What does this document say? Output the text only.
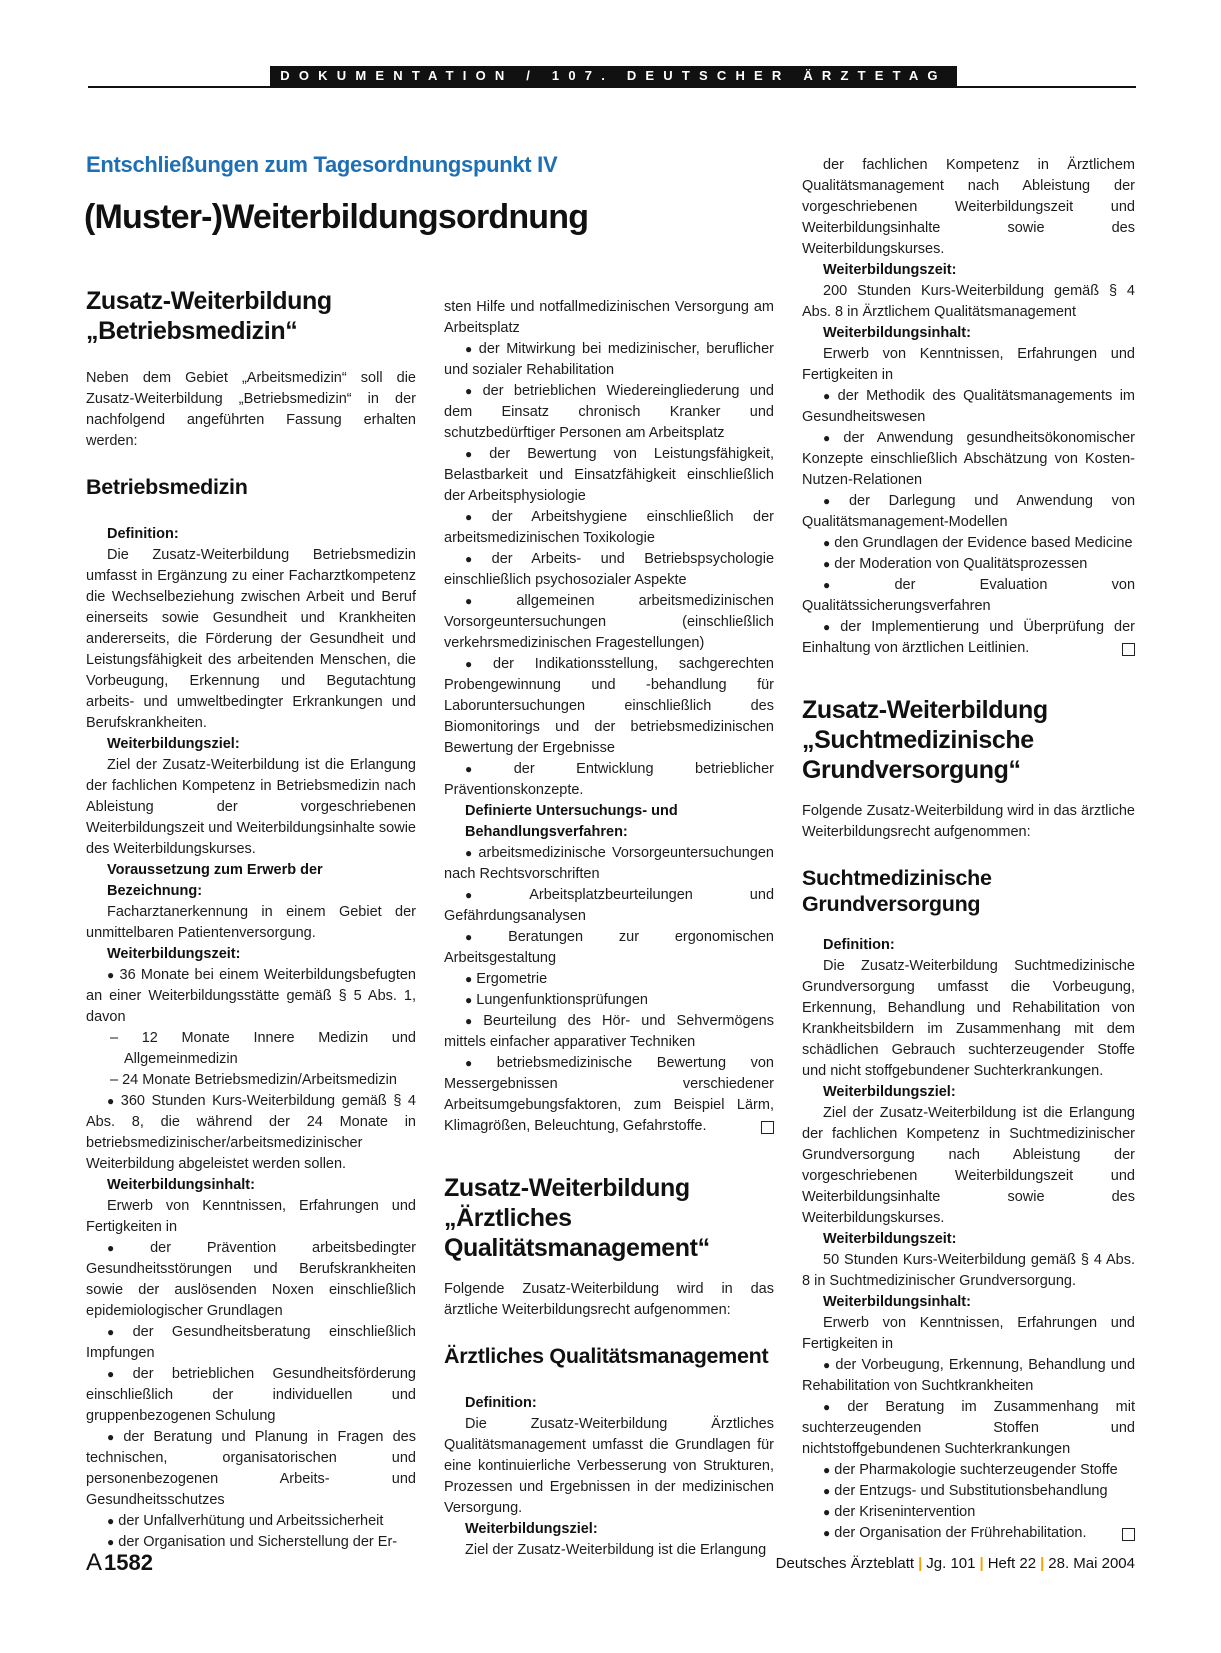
DOKUMENTATION / 107. DEUTSCHER ÄRZTETAG
Entschließungen zum Tagesordnungspunkt IV
(Muster-)Weiterbildungsordnung
Zusatz-Weiterbildung „Betriebsmedizin“

Neben dem Gebiet „Arbeitsmedizin“ soll die Zusatz-Weiterbildung „Betriebsmedizin“ in der nachfolgend angeführten Fassung erhalten werden:

Betriebsmedizin
Definition:

Die Zusatz-Weiterbildung Betriebsmedizin umfasst in Ergänzung zu einer Facharztkompetenz die Wechselbeziehung zwischen Arbeit und Beruf einerseits sowie Gesundheit und Krankheiten andererseits, die Förderung der Gesundheit und Leistungsfähigkeit des arbeitenden Menschen, die Vorbeugung, Erkennung und Begutachtung arbeits- und umweltbedingter Erkrankungen und Berufskrankheiten.

Weiterbildungsziel:

Ziel der Zusatz-Weiterbildung ist die Erlangung der fachlichen Kompetenz in Betriebsmedizin nach Ableistung der vorgeschriebenen Weiterbildungszeit und Weiterbildungsinhalte sowie des Weiterbildungskurses.

Voraussetzung zum Erwerb der Bezeichnung:

Facharztanerkennung in einem Gebiet der unmittelbaren Patientenversorgung.

Weiterbildungszeit:

● 36 Monate bei einem Weiterbildungsbefugten an einer Weiterbildungsstätte gemäß § 5 Abs. 1, davon

– 12 Monate Innere Medizin und Allgemeinmedizin

– 24 Monate Betriebsmedizin/Arbeitsmedizin

● 360 Stunden Kurs-Weiterbildung gemäß § 4 Abs. 8, die während der 24 Monate in betriebsmedizinischer/arbeitsmedizinischer Weiterbildung abgeleistet werden sollen.

Weiterbildungsinhalt:

Erwerb von Kenntnissen, Erfahrungen und Fertigkeiten in

● der Prävention arbeitsbedingter Gesundheitsstörungen und Berufskrankheiten sowie der auslösenden Noxen einschließlich epidemiologischer Grundlagen

● der Gesundheitsberatung einschließlich Impfungen

● der betrieblichen Gesundheitsförderung einschließlich der individuellen und gruppenbezogenen Schulung

● der Beratung und Planung in Fragen des technischen, organisatorischen und personenbezogenen Arbeits- und Gesundheitsschutzes

● der Unfallverhütung und Arbeitssicherheit

● der Organisation und Sicherstellung der Er-

sten Hilfe und notfallmedizinischen Versorgung am Arbeitsplatz

● der Mitwirkung bei medizinischer, beruflicher und sozialer Rehabilitation

● der betrieblichen Wiedereingliederung und dem Einsatz chronisch Kranker und schutzbedürftiger Personen am Arbeitsplatz

● der Bewertung von Leistungsfähigkeit, Belastbarkeit und Einsatzfähigkeit einschließlich der Arbeitsphysiologie

● der Arbeitshygiene einschließlich der arbeitsmedizinischen Toxikologie

● der Arbeits- und Betriebspsychologie einschließlich psychosozialer Aspekte

● allgemeinen arbeitsmedizinischen Vorsorgeuntersuchungen (einschließlich verkehrsmedizinischen Fragestellungen)

● der Indikationsstellung, sachgerechten Probengewinnung und -behandlung für Laboruntersuchungen einschließlich des Biomonitorings und der betriebsmedizinischen Bewertung der Ergebnisse

● der Entwicklung betrieblicher Präventionskonzepte.

Definierte Untersuchungs- und Behandlungsverfahren:

● arbeitsmedizinische Vorsorgeuntersuchungen nach Rechtsvorschriften

● Arbeitsplatzbeurteilungen und Gefährdungsanalysen

● Beratungen zur ergonomischen Arbeitsgestaltung

● Ergometrie

● Lungenfunktionsprüfungen

● Beurteilung des Hör- und Sehvermögens mittels einfacher apparativer Techniken

● betriebsmedizinische Bewertung von Messergebnissen verschiedener Arbeitsumgebungsfaktoren, zum Beispiel Lärm, Klimagrößen, Beleuchtung, Gefahrstoffe.

Zusatz-Weiterbildung „Ärztliches Qualitätsmanagement“

Folgende Zusatz-Weiterbildung wird in das ärztliche Weiterbildungsrecht aufgenommen:

Ärztliches Qualitätsmanagement
Definition:

Die Zusatz-Weiterbildung Ärztliches Qualitätsmanagement umfasst die Grundlagen für eine kontinuierliche Verbesserung von Strukturen, Prozessen und Ergebnissen in der medizinischen Versorgung.

Weiterbildungsziel:

Ziel der Zusatz-Weiterbildung ist die Erlangung

der fachlichen Kompetenz in Ärztlichem Qualitätsmanagement nach Ableistung der vorgeschriebenen Weiterbildungszeit und Weiterbildungsinhalte sowie des Weiterbildungskurses.

Weiterbildungszeit:

200 Stunden Kurs-Weiterbildung gemäß § 4 Abs. 8 in Ärztlichem Qualitätsmanagement

Weiterbildungsinhalt:

Erwerb von Kenntnissen, Erfahrungen und Fertigkeiten in

● der Methodik des Qualitätsmanagements im Gesundheitswesen

● der Anwendung gesundheitsökonomischer Konzepte einschließlich Abschätzung von Kosten-Nutzen-Relationen

● der Darlegung und Anwendung von Qualitätsmanagement-Modellen

● den Grundlagen der Evidence based Medicine

● der Moderation von Qualitätsprozessen

● der Evaluation von Qualitätssicherungsverfahren

● der Implementierung und Überprüfung der Einhaltung von ärztlichen Leitlinien.

Zusatz-Weiterbildung „Suchtmedizinische Grundversorgung“

Folgende Zusatz-Weiterbildung wird in das ärztliche Weiterbildungsrecht aufgenommen:

Suchtmedizinische Grundversorgung
Definition:

Die Zusatz-Weiterbildung Suchtmedizinische Grundversorgung umfasst die Vorbeugung, Erkennung, Behandlung und Rehabilitation von Krankheitsbildern im Zusammenhang mit dem schädlichen Gebrauch suchterzeugender Stoffe und nicht stoffgebundener Suchterkrankungen.

Weiterbildungsziel:

Ziel der Zusatz-Weiterbildung ist die Erlangung der fachlichen Kompetenz in Suchtmedizinischer Grundversorgung nach Ableistung der vorgeschriebenen Weiterbildungszeit und Weiterbildungsinhalte sowie des Weiterbildungskurses.

Weiterbildungszeit:

50 Stunden Kurs-Weiterbildung gemäß § 4 Abs. 8 in Suchtmedizinischer Grundversorgung.

Weiterbildungsinhalt:

Erwerb von Kenntnissen, Erfahrungen und Fertigkeiten in

● der Vorbeugung, Erkennung, Behandlung und Rehabilitation von Suchtkrankheiten

● der Beratung im Zusammenhang mit suchterzeugenden Stoffen und nichtstoffgebundenen Suchterkrankungen

● der Pharmakologie suchterzeugender Stoffe

● der Entzugs- und Substitutionsbehandlung

● der Krisenintervention

● der Organisation der Frührehabilitation.

A1582	Deutsches Ärzteblatt | Jg. 101 | Heft 22 | 28. Mai 2004
